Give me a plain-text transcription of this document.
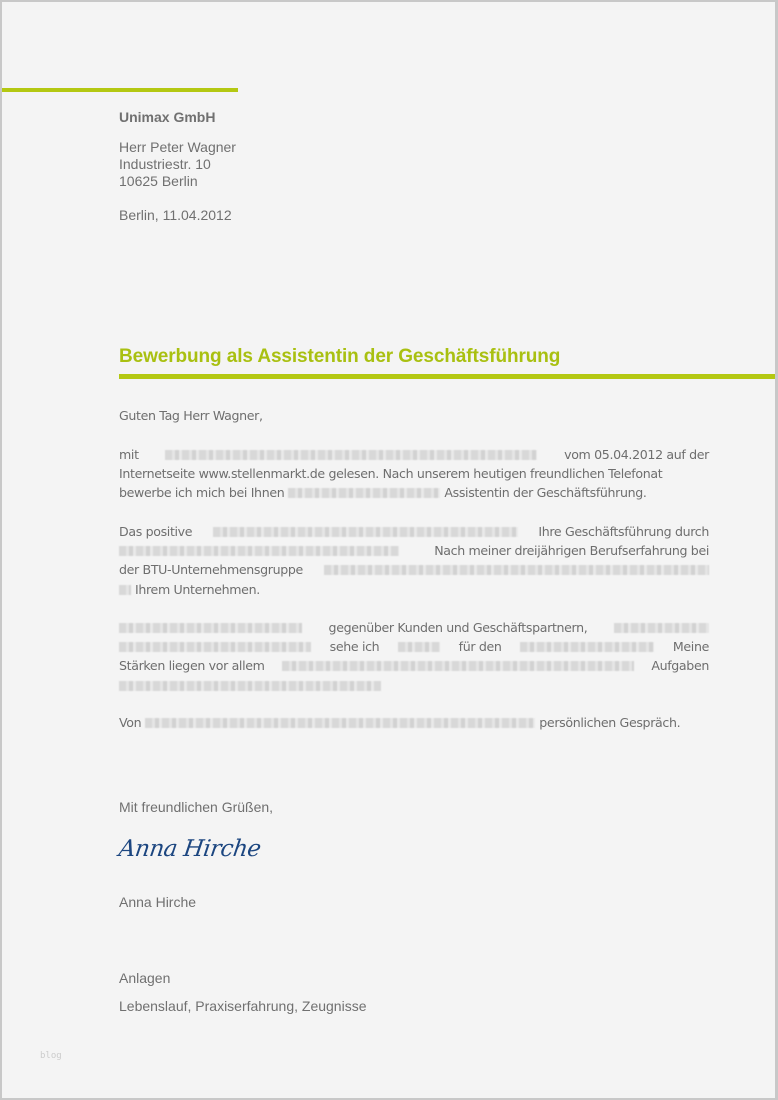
Unimax GmbH
Herr Peter Wagner
Industriestr. 10
10625 Berlin
Berlin, 11.04.2012
Bewerbung als Assistentin der Geschäftsführung
Guten Tag Herr Wagner,
mit	vom 05.04.2012 auf der
Internetseite www.stellenmarkt.de gelesen. Nach unserem heutigen freundlichen Telefonat
bewerbe ich mich bei Ihnen	Assistentin der Geschäftsführung.
Das positive	Ihre Geschäftsführung durch
Nach meiner dreijährigen Berufserfahrung bei
der BTU-Unternehmensgruppe
Ihrem Unternehmen.
gegenüber Kunden und Geschäftspartnern,
sehe ich	für den	Meine
Stärken liegen vor allem	Aufgaben
Von	persönlichen Gespräch.
Mit freundlichen Grüßen,
Anna Hirche
Anna Hirche
Anlagen
Lebenslauf, Praxiserfahrung, Zeugnisse
blog
